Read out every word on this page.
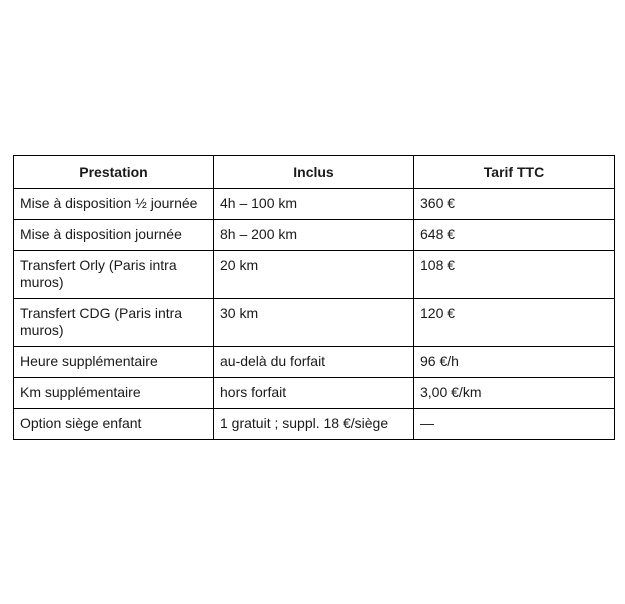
Prestation	Inclus	Tarif TTC
Mise à disposition ½ journée	4h – 100 km	360 €
Mise à disposition journée	8h – 200 km	648 €
Transfert Orly (Paris intra muros)	20 km	108 €
Transfert CDG (Paris intra muros)	30 km	120 €
Heure supplémentaire	au-delà du forfait	96 €/h
Km supplémentaire	hors forfait	3,00 €/km
Option siège enfant	1 gratuit ; suppl. 18 €/siège	—
